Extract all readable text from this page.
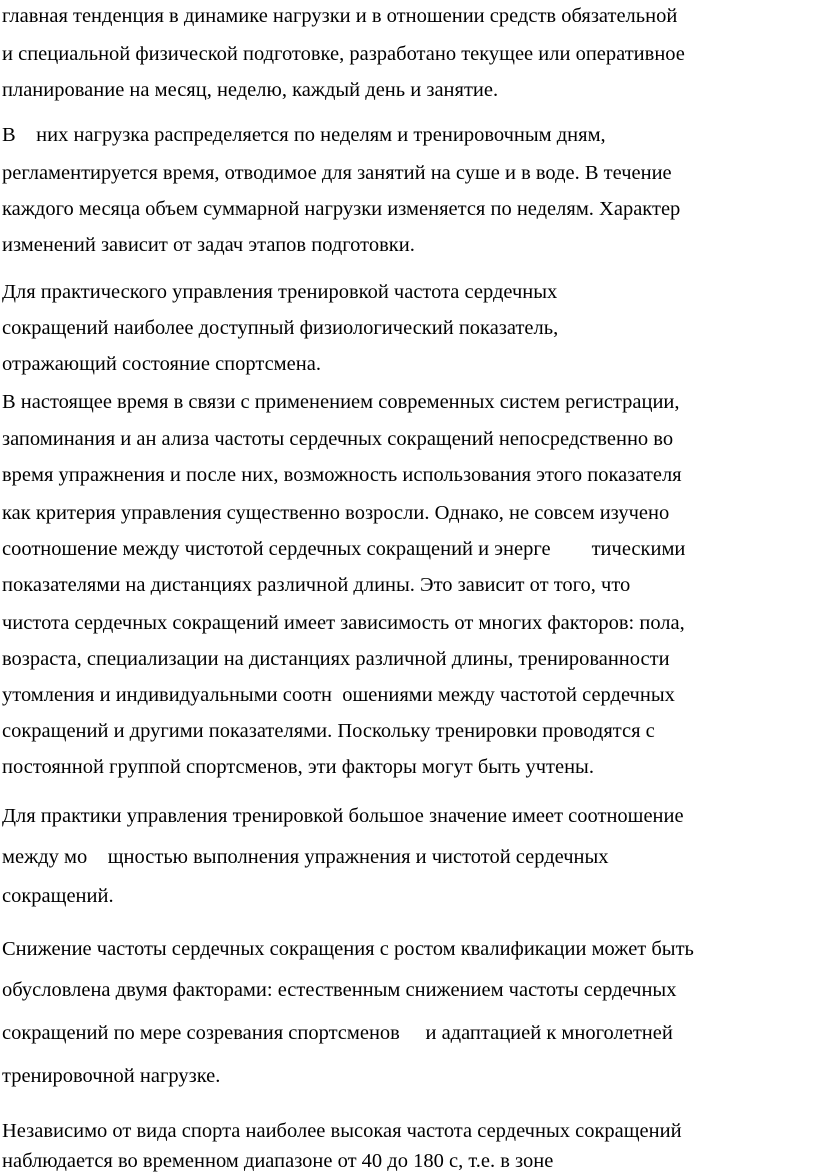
главная тенденция в динамике нагрузки и в отношении средств обязательной
и специальной физической подготовке, разработано текущее или оперативное
планирование на месяц, неделю, каждый день и занятие.
В    них нагрузка распределяется по неделям и тренировочным дням,
регламентируется время, отводимое для занятий на суше и в воде. В течение
каждого месяца объем суммарной нагрузки изменяется по неделям. Характер
изменений зависит от задач этапов подготовки.
Для практического управления тренировкой частота сердечных
сокращений наиболее доступный физиологический показатель,
отражающий состояние спортсмена.
В настоящее время в связи с применением современных систем регистрации,
запоминания и ан ализа частоты сердечных сокращений непосредственно во
время упражнения и после них, возможность использования этого показателя
как критерия управления существенно возросли. Однако, не совсем изучено
соотношение между чистотой сердечных сокращений и энерге        тическими
показателями на дистанциях различной длины. Это зависит от того, что
чистота сердечных сокращений имеет зависимость от многих факторов: пола,
возраста, специализации на дистанциях различной длины, тренированности
утомления и индивидуальными соотн  ошениями между частотой сердечных
сокращений и другими показателями. Поскольку тренировки проводятся с
постоянной группой спортсменов, эти факторы могут быть учтены.
Для практики управления тренировкой большое значение имеет соотношение
между мо    щностью выполнения упражнения и чистотой сердечных
сокращений.
Снижение частоты сердечных сокращения с ростом квалификации может быть
обусловлена двумя факторами: естественным снижением частоты сердечных
сокращений по мере созревания спортсменов     и адаптацией к многолетней
тренировочной нагрузке.
Независимо от вида спорта наиболее высокая частота сердечных сокращений
наблюдается во временном диапазоне от 40 до 180 с, т.е. в зоне
